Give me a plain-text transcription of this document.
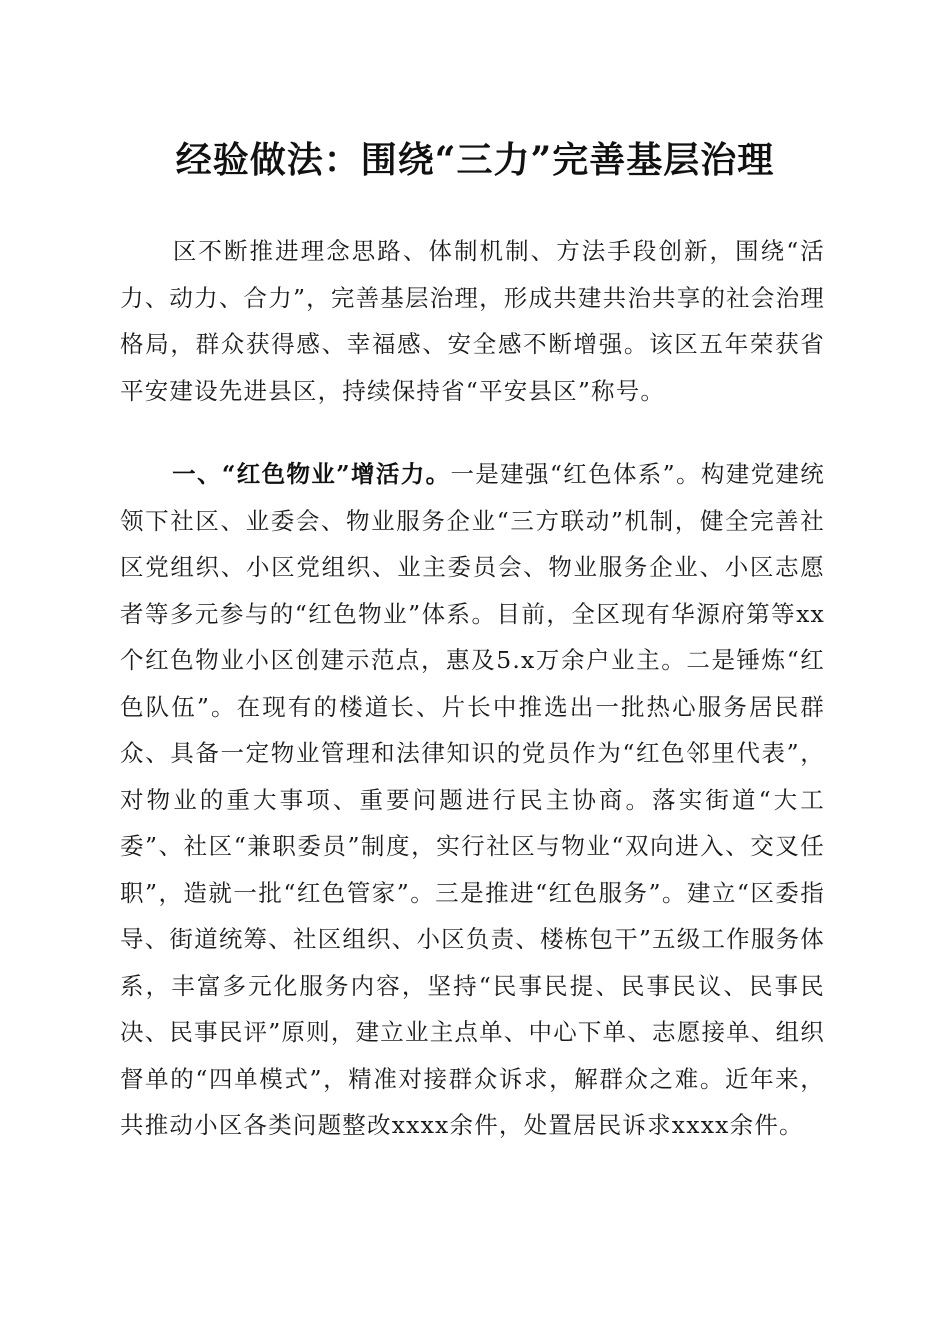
经验做法：围绕“三力”完善基层治理

区不断推进理念思路、体制机制、方法手段创新，围绕“活力、动力、合力”，完善基层治理，形成共建共治共享的社会治理格局，群众获得感、幸福感、安全感不断增强。该区五年荣获省平安建设先进县区，持续保持省“平安县区”称号。

一、“红色物业”增活力。一是建强“红色体系”。构建党建统领下社区、业委会、物业服务企业“三方联动”机制，健全完善社区党组织、小区党组织、业主委员会、物业服务企业、小区志愿者等多元参与的“红色物业”体系。目前，全区现有华源府第等xx个红色物业小区创建示范点，惠及5.x万余户业主。二是锤炼“红色队伍”。在现有的楼道长、片长中推选出一批热心服务居民群众、具备一定物业管理和法律知识的党员作为“红色邻里代表”，对物业的重大事项、重要问题进行民主协商。落实街道“大工委”、社区“兼职委员”制度，实行社区与物业“双向进入、交叉任职”，造就一批“红色管家”。三是推进“红色服务”。建立“区委指导、街道统筹、社区组织、小区负责、楼栋包干”五级工作服务体系，丰富多元化服务内容，坚持“民事民提、民事民议、民事民决、民事民评”原则，建立业主点单、中心下单、志愿接单、组织督单的“四单模式”，精准对接群众诉求，解群众之难。近年来，共推动小区各类问题整改xxxx余件，处置居民诉求xxxx余件。
